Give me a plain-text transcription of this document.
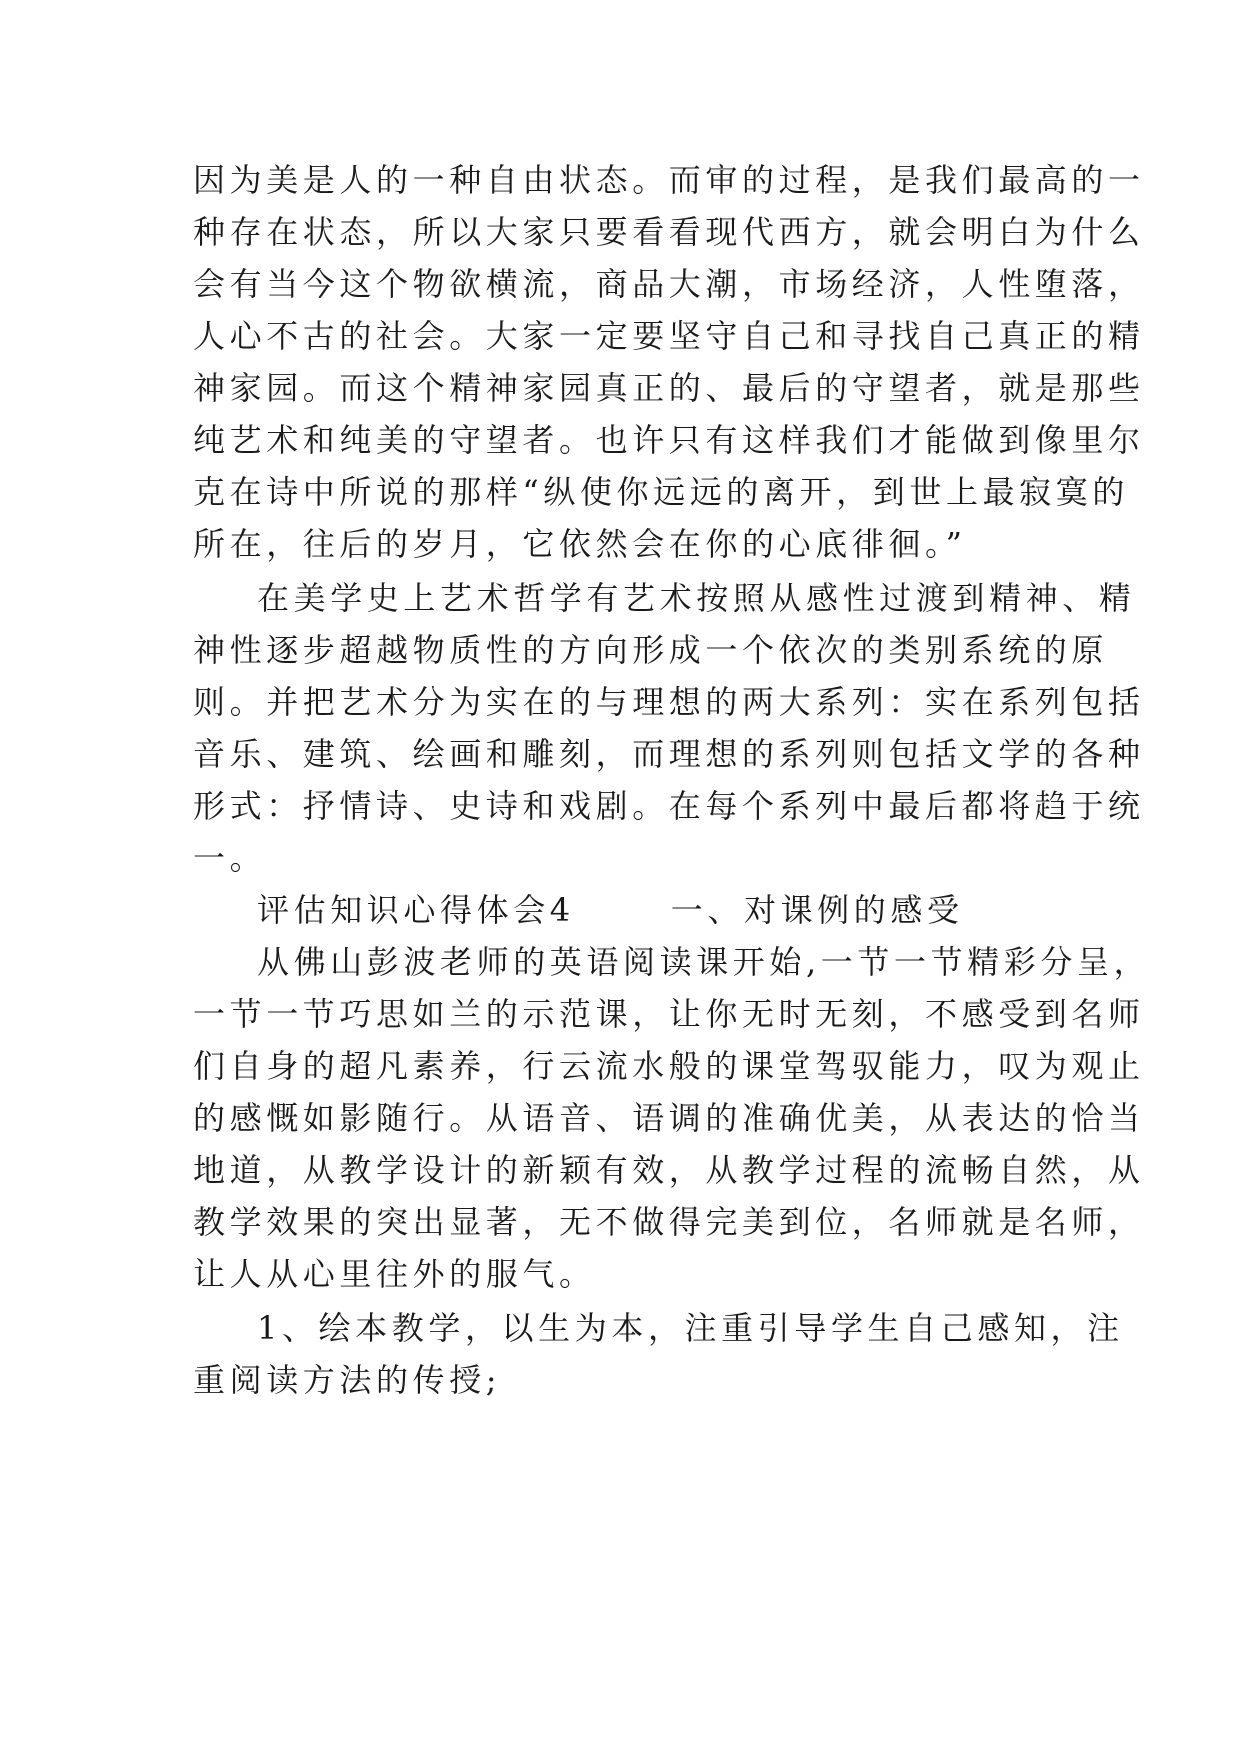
因为美是人的一种自由状态。而审的过程，是我们最高的一
种存在状态，所以大家只要看看现代西方，就会明白为什么
会有当今这个物欲横流，商品大潮，市场经济，人性堕落，
人心不古的社会。大家一定要坚守自己和寻找自己真正的精
神家园。而这个精神家园真正的、最后的守望者，就是那些
纯艺术和纯美的守望者。也许只有这样我们才能做到像里尔
克在诗中所说的那样“纵使你远远的离开，到世上最寂寞的
所在，往后的岁月，它依然会在你的心底徘徊。”
在美学史上艺术哲学有艺术按照从感性过渡到精神、精
神性逐步超越物质性的方向形成一个依次的类别系统的原
则。并把艺术分为实在的与理想的两大系列：实在系列包括
音乐、建筑、绘画和雕刻，而理想的系列则包括文学的各种
形式：抒情诗、史诗和戏剧。在每个系列中最后都将趋于统
一。
评估知识心得体会4	一、对课例的感受
从佛山彭波老师的英语阅读课开始,一节一节精彩分呈，
一节一节巧思如兰的示范课，让你无时无刻，不感受到名师
们自身的超凡素养，行云流水般的课堂驾驭能力，叹为观止
的感慨如影随行。从语音、语调的准确优美，从表达的恰当
地道，从教学设计的新颖有效，从教学过程的流畅自然，从
教学效果的突出显著，无不做得完美到位，名师就是名师，
让人从心里往外的服气。
1、绘本教学，以生为本，注重引导学生自己感知，注
重阅读方法的传授;
